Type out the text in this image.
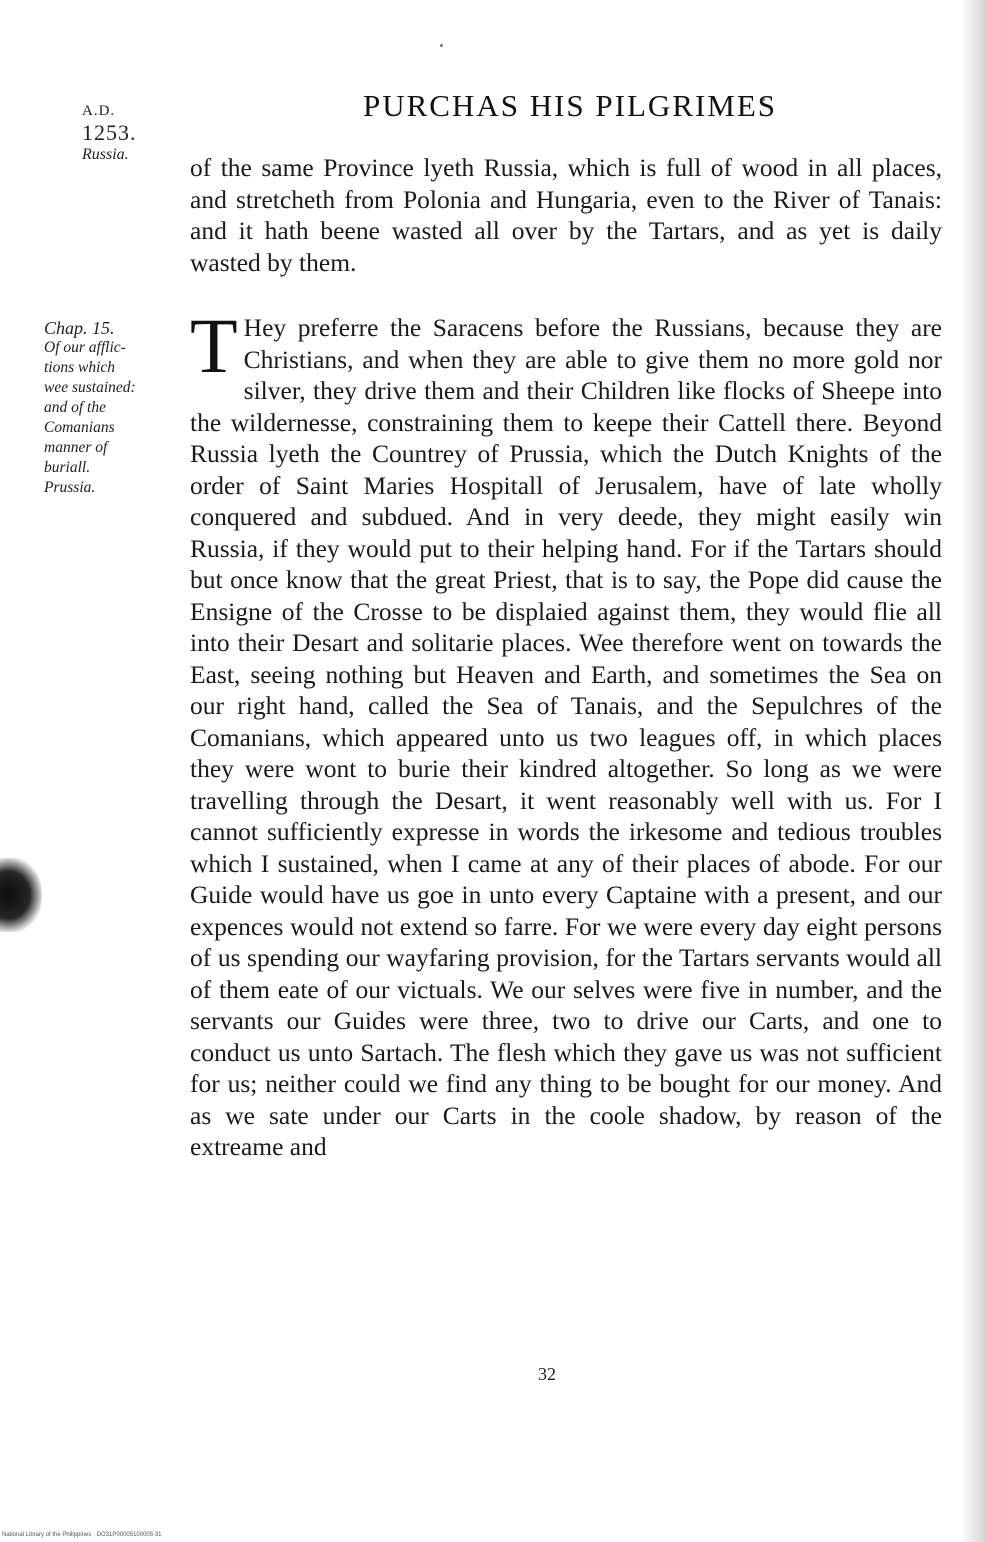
A.D.
1253.
Russia.
PURCHAS HIS PILGRIMES
of the same Province lyeth Russia, which is full of wood in all places, and stretcheth from Polonia and Hungaria, even to the River of Tanais: and it hath beene wasted all over by the Tartars, and as yet is daily wasted by them.
Chap. 15.
Of our afflic-
tions which
wee sustained:
and of the
Comanians
manner of
buriall.
Prussia.
T Hey preferre the Saracens before the Russians, because they are Christians, and when they are able to give them no more gold nor silver, they drive them and their Children like flocks of Sheepe into the wildernesse, constraining them to keepe their Cattell there. Beyond Russia lyeth the Countrey of Prussia, which the Dutch Knights of the order of Saint Maries Hospitall of Jerusalem, have of late wholly conquered and subdued. And in very deede, they might easily win Russia, if they would put to their helping hand. For if the Tartars should but once know that the great Priest, that is to say, the Pope did cause the Ensigne of the Crosse to be displaied against them, they would flie all into their Desart and solitarie places. Wee therefore went on towards the East, seeing nothing but Heaven and Earth, and sometimes the Sea on our right hand, called the Sea of Tanais, and the Sepulchres of the Comanians, which appeared unto us two leagues off, in which places they were wont to burie their kindred altogether. So long as we were travelling through the Desart, it went reasonably well with us. For I cannot sufficiently expresse in words the irkesome and tedious troubles which I sustained, when I came at any of their places of abode. For our Guide would have us goe in unto every Captaine with a present, and our expences would not extend so farre. For we were every day eight persons of us spending our wayfaring provision, for the Tartars servants would all of them eate of our victuals. We our selves were five in number, and the servants our Guides were three, two to drive our Carts, and one to conduct us unto Sartach. The flesh which they gave us was not sufficient for us; neither could we find any thing to be bought for our money. And as we sate under our Carts in the coole shadow, by reason of the extreame and
32
National Library of the Philippines · DO31P00005100005 31
